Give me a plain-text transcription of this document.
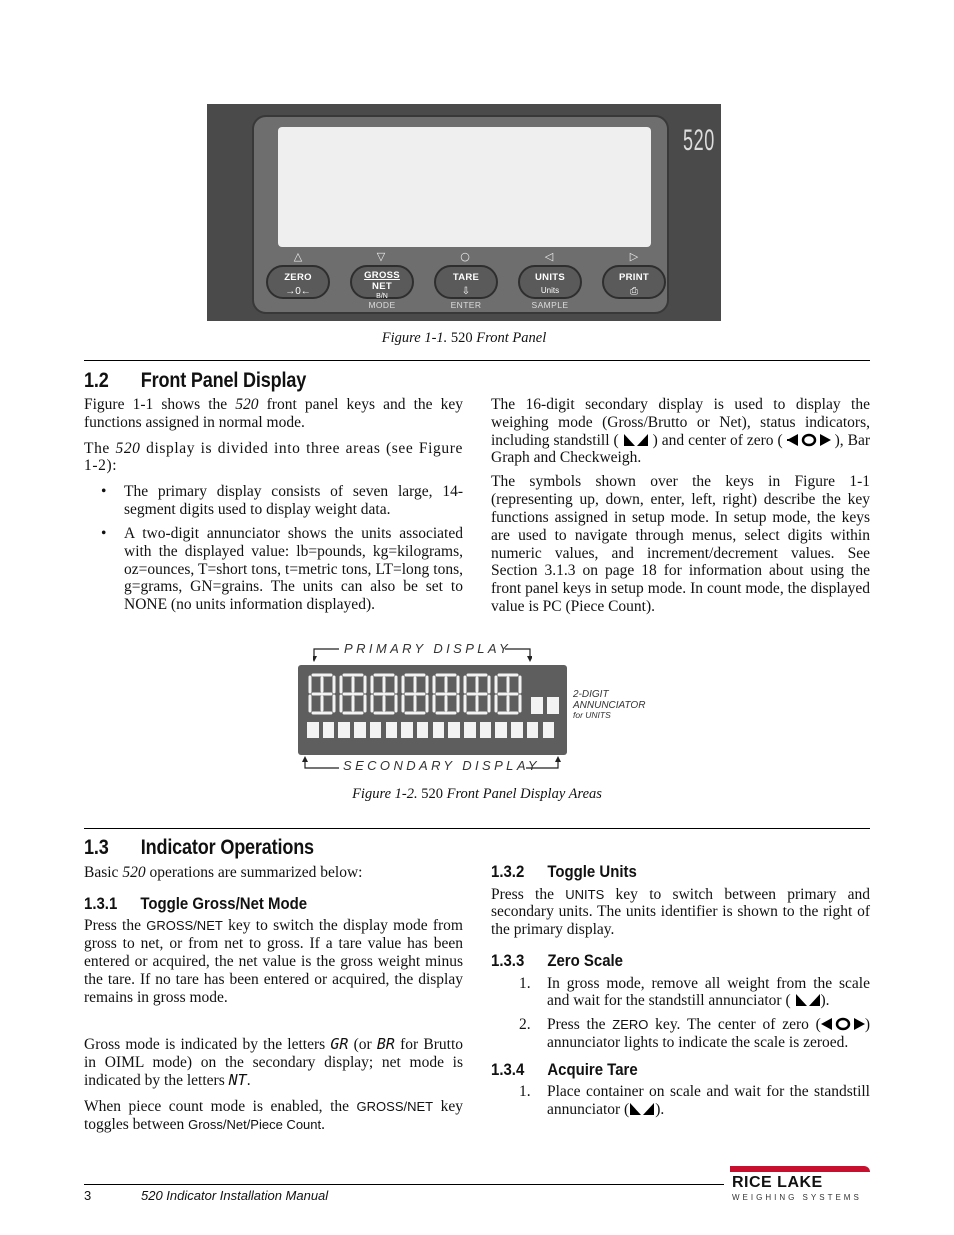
△	▽	○	◁	▷
ZERO
→0←
GROSS
NET
B/N
TARE
⇩
UNITS
Units
PRINT
⎙
MODE	ENTER	SAMPLE
520
Figure 1-1. 520 Front Panel
1.2 Front Panel Display

Figure 1-1 shows the 520 front panel keys and the key functions assigned in normal mode.

The 520 display is divided into three areas (see Figure 1-2):

• The primary display consists of seven large, 14-segment digits used to display weight data.
• A two-digit annunciator shows the units associated with the displayed value: lb=pounds, kg=kilograms, oz=ounces, T=short tons, t=metric tons, LT=long tons, g=grams, GN=grains. The units can also be set to NONE (no units information displayed).

The 16-digit secondary display is used to display the weighing mode (Gross/Brutto or Net), status indicators, including standstill ( ) and center of zero (	), Bar Graph and Checkweigh.

The symbols shown over the keys in Figure 1-1 (representing up, down, enter, left, right) describe the key functions assigned in setup mode. In setup mode, the keys are used to navigate through menus, select digits within numeric values, and increment/decrement values. See Section 3.1.3 on page 18 for information about using the front panel keys in setup mode. In count mode, the displayed value is PC (Piece Count).

PRIMARY DISPLAY
2-DIGIT
ANNUNCIATOR
for UNITS
SECONDARY DISPLAY
Figure 1-2. 520 Front Panel Display Areas
1.3 Indicator Operations

Basic 520 operations are summarized below:

1.3.1 Toggle Gross/Net Mode

Press the GROSS/NET key to switch the display mode from gross to net, or from net to gross. If a tare value has been entered or acquired, the net value is the gross weight minus the tare. If no tare has been entered or acquired, the display remains in gross mode.

Gross mode is indicated by the letters GR (or BR for Brutto in OIML mode) on the secondary display; net mode is indicated by the letters NT.

When piece count mode is enabled, the GROSS/NET key toggles between Gross/Net/Piece Count.

1.3.2 Toggle Units

Press the UNITS key to switch between primary and secondary units. The units identifier is shown to the right of the primary display.

1.3.3 Zero Scale
1. In gross mode, remove all weight from the scale and wait for the standstill annunciator ( ).
2. Press the ZERO key. The center of zero (	) annunciator lights to indicate the scale is zeroed.
1.3.4 Acquire Tare
1. Place container on scale and wait for the standstill annunciator ( ).
3	520 Indicator Installation Manual
RICE LAKE
WEIGHING SYSTEMS
